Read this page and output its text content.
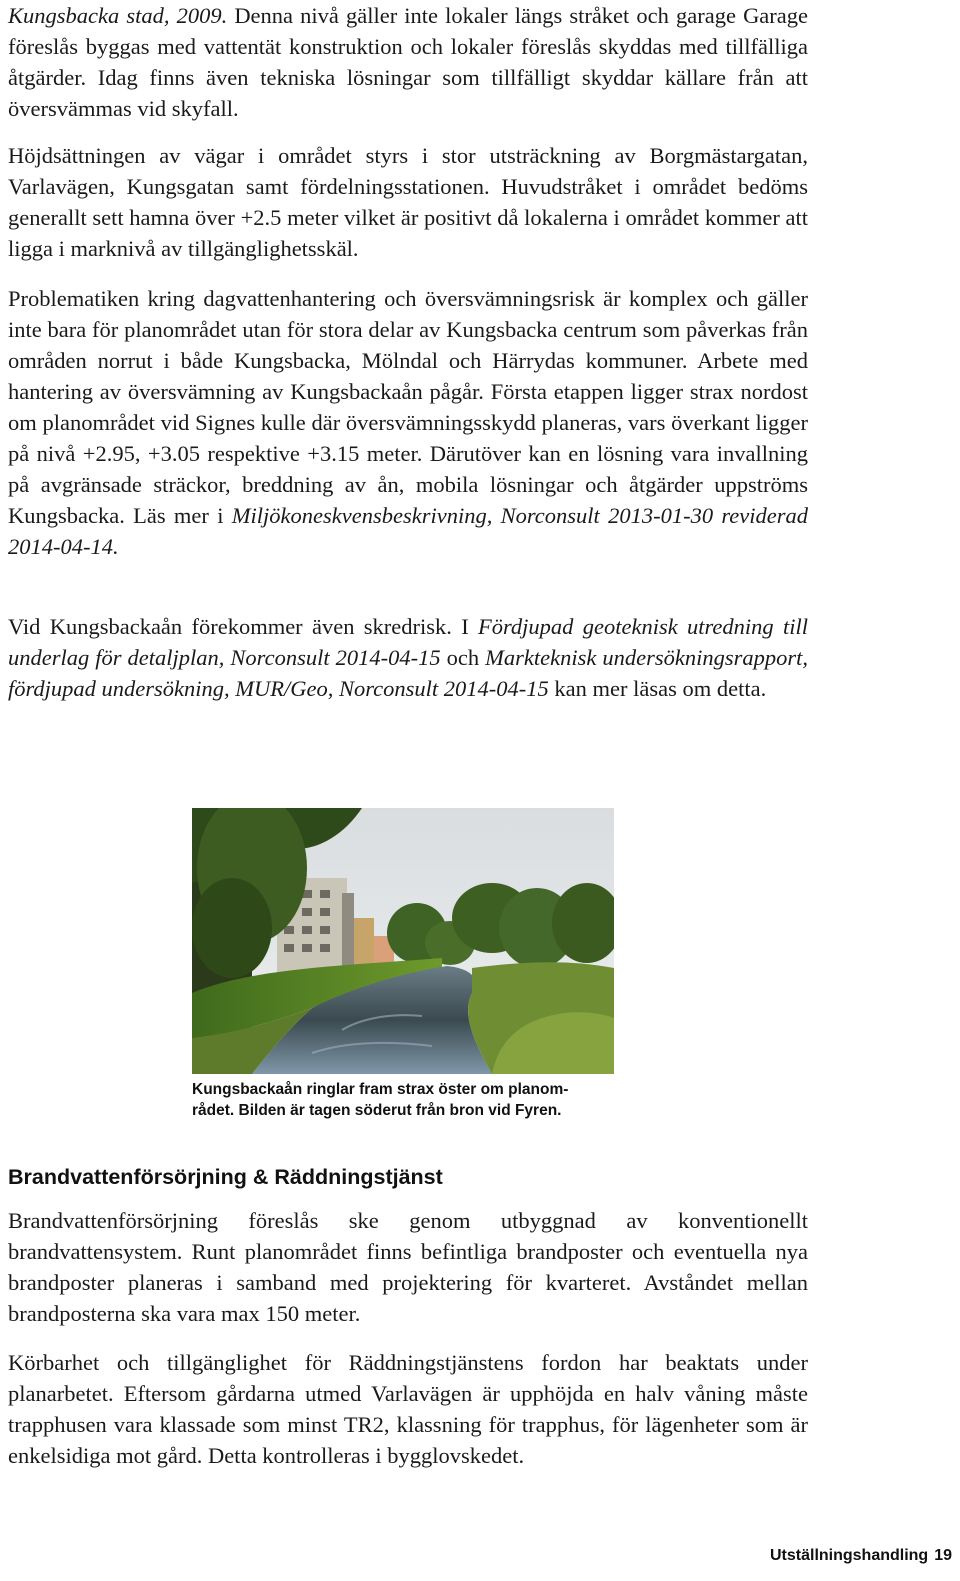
Kungsbacka stad, 2009. Denna nivå gäller inte lokaler längs stråket och garage Garage föreslås byggas med vattentät konstruktion och lokaler föreslås skyddas med tillfälliga åtgärder. Idag finns även tekniska lösningar som tillfälligt skyddar källare från att översvämmas vid skyfall.

Höjdsättningen av vägar i området styrs i stor utsträckning av Borgmästargatan, Varlavägen, Kungsgatan samt fördelningsstationen. Huvudstråket i området bedöms generallt sett hamna över +2.5 meter vilket är positivt då lokalerna i området kommer att ligga i marknivå av tillgänglighetsskäl.

Problematiken kring dagvattenhantering och översvämningsrisk är komplex och gäller inte bara för planområdet utan för stora delar av Kungsbacka centrum som påverkas från områden norrut i både Kungsbacka, Mölndal och Härrydas kommuner. Arbete med hantering av översvämning av Kungsbackaån pågår. Första etappen ligger strax nordost om planområdet vid Signes kulle där översvämningsskydd planeras, vars överkant ligger på nivå +2.95, +3.05 respektive +3.15 meter. Därutöver kan en lösning vara invallning på avgränsade sträckor, breddning av ån, mobila lösningar och åtgärder uppströms Kungsbacka. Läs mer i Miljökoneskvensbeskrivning, Norconsult 2013-01-30 reviderad 2014-04-14.

Vid Kungsbackaån förekommer även skredrisk. I Fördjupad geoteknisk utredning till underlag för detaljplan, Norconsult 2014-04-15 och Markteknisk undersökningsrapport, fördjupad undersökning, MUR/Geo, Norconsult 2014-04-15 kan mer läsas om detta.

Kungsbackaån ringlar fram strax öster om planom-

rådet. Bilden är tagen söderut från bron vid Fyren.

Brandvattenförsörjning & Räddningstjänst

Brandvattenförsörjning föreslås ske genom utbyggnad av konventionellt brandvattensystem. Runt planområdet finns befintliga brandposter och eventuella nya brandposter planeras i samband med projektering för kvarteret. Avståndet mellan brandposterna ska vara max 150 meter.

Körbarhet och tillgänglighet för Räddningstjänstens fordon har beaktats under planarbetet. Eftersom gårdarna utmed Varlavägen är upphöjda en halv våning måste trapphusen vara klassade som minst TR2, klassning för trapphus, för lägenheter som är enkelsidiga mot gård. Detta kontrolleras i bygglovskedet.

Utställningshandling 19
